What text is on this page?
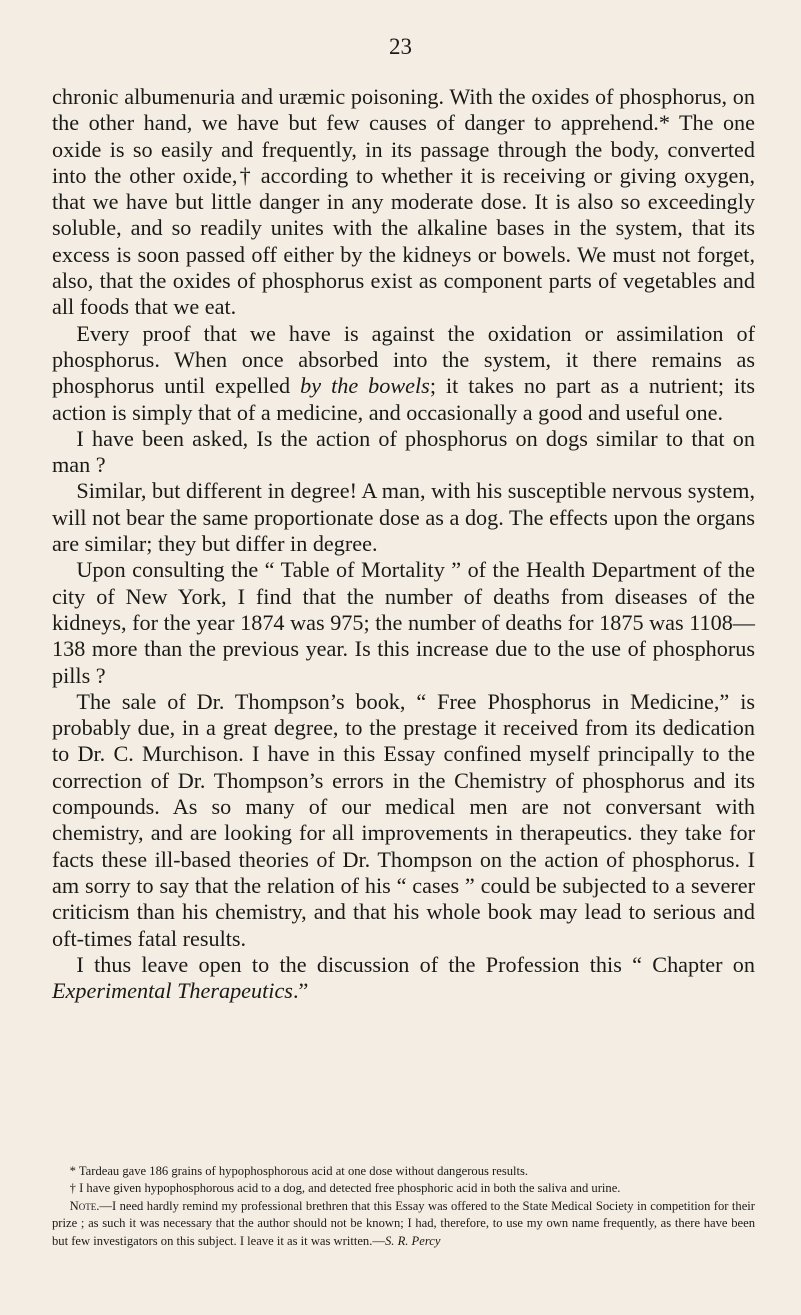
23

chronic albumenuria and uræmic poisoning. With the oxides of phosphorus, on the other hand, we have but few causes of danger to apprehend.* The one oxide is so easily and frequently, in its passage through the body, converted into the other oxide,† according to whether it is receiving or giving oxygen, that we have but little danger in any moderate dose. It is also so exceedingly soluble, and so readily unites with the alkaline bases in the system, that its excess is soon passed off either by the kidneys or bowels. We must not forget, also, that the oxides of phosphorus exist as component parts of vegetables and all foods that we eat.

Every proof that we have is against the oxidation or assimilation of phosphorus. When once absorbed into the system, it there remains as phosphorus until expelled by the bowels; it takes no part as a nutrient; its action is simply that of a medicine, and occasionally a good and useful one.

I have been asked, Is the action of phosphorus on dogs similar to that on man ?

Similar, but different in degree! A man, with his susceptible nervous system, will not bear the same proportionate dose as a dog. The effects upon the organs are similar; they but differ in degree.

Upon consulting the “ Table of Mortality ” of the Health Department of the city of New York, I find that the number of deaths from diseases of the kidneys, for the year 1874 was 975; the number of deaths for 1875 was 1108—138 more than the previous year. Is this increase due to the use of phosphorus pills ?

The sale of Dr. Thompson’s book, “ Free Phosphorus in Medicine,” is probably due, in a great degree, to the prestage it received from its dedication to Dr. C. Murchison. I have in this Essay confined myself principally to the correction of Dr. Thompson’s errors in the Chemistry of phosphorus and its compounds. As so many of our medical men are not conversant with chemistry, and are looking for all improvements in therapeutics. they take for facts these ill-based theories of Dr. Thompson on the action of phosphorus. I am sorry to say that the relation of his “ cases ” could be subjected to a severer criticism than his chemistry, and that his whole book may lead to serious and oft-times fatal results.

I thus leave open to the discussion of the Profession this “ Chapter on Experimental Therapeutics.”

* Tardeau gave 186 grains of hypophosphorous acid at one dose without dangerous results.

† I have given hypophosphorous acid to a dog, and detected free phosphoric acid in both the saliva and urine.

Note.—I need hardly remind my professional brethren that this Essay was offered to the State Medical Society in competition for their prize ; as such it was necessary that the author should not be known; I had, therefore, to use my own name frequently, as there have been but few investigators on this subject. I leave it as it was written.—S. R. Percy
